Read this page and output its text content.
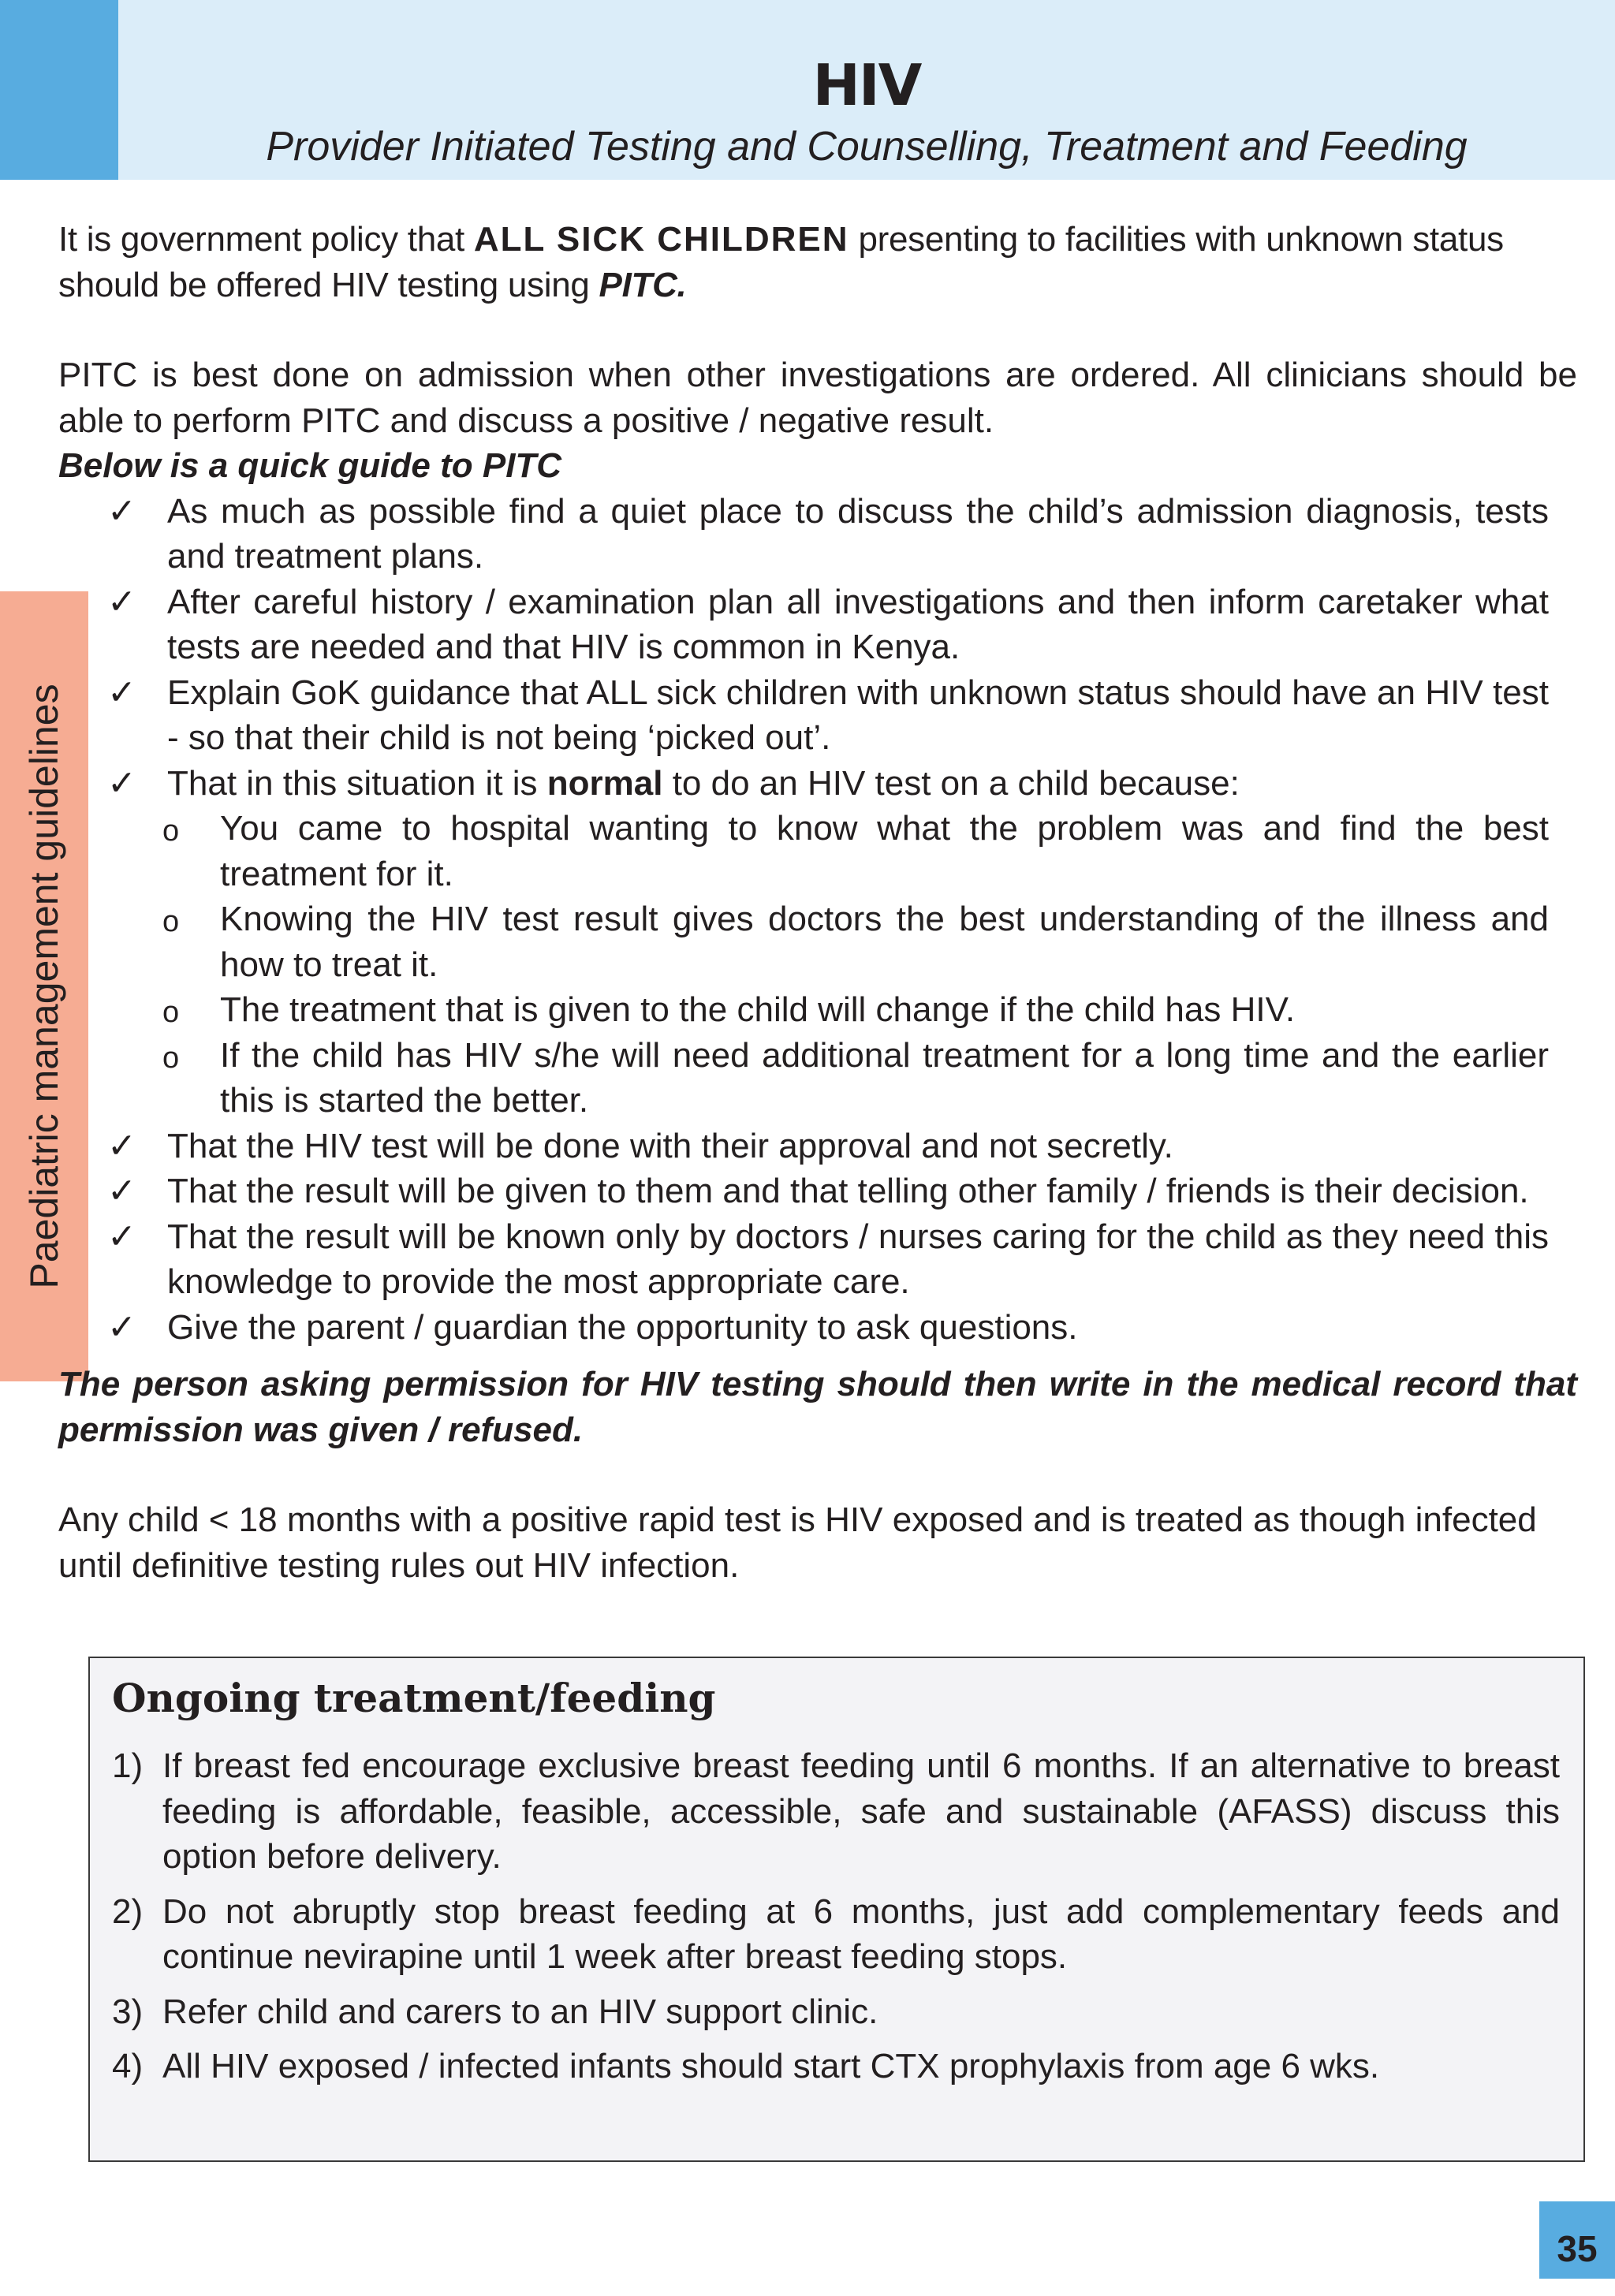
HIV
Provider Initiated Testing and Counselling, Treatment and Feeding
Paediatric management guidelines

It is government policy that ALL SICK CHILDREN presenting to facilities with unknown status should be offered HIV testing using PITC.

PITC is best done on admission when other investigations are ordered. All clinicians should be able to perform PITC and discuss a positive / negative result.

Below is a quick guide to PITC

✓ As much as possible find a quiet place to discuss the child’s admission diagnosis, tests and treatment plans.
✓ After careful history / examination plan all investigations and then inform caretaker what tests are needed and that HIV is common in Kenya.
✓ Explain GoK guidance that ALL sick children with unknown status should have an HIV test - so that their child is not being ‘picked out’.
✓ That in this situation it is normal to do an HIV test on a child because:
o You came to hospital wanting to know what the problem was and find the best treatment for it.
o Knowing the HIV test result gives doctors the best understanding of the illness and how to treat it.
o The treatment that is given to the child will change if the child has HIV.
o If the child has HIV s/he will need additional treatment for a long time and the earlier this is started the better.
✓ That the HIV test will be done with their approval and not secretly.
✓ That the result will be given to them and that telling other family / friends is their decision.
✓ That the result will be known only by doctors / nurses caring for the child as they need this knowledge to provide the most appropriate care.
✓ Give the parent / guardian the opportunity to ask questions.

The person asking permission for HIV testing should then write in the medical record that permission was given / refused.

Any child < 18 months with a positive rapid test is HIV exposed and is treated as though infected until definitive testing rules out HIV infection.

Ongoing treatment/feeding
1) If breast fed encourage exclusive breast feeding until 6 months. If an alternative to breast feeding is affordable, feasible, accessible, safe and sustainable (AFASS) discuss this option before delivery.
2) Do not abruptly stop breast feeding at 6 months, just add complementary feeds and continue nevirapine until 1 week after breast feeding stops.
3) Refer child and carers to an HIV support clinic.
4) All HIV exposed / infected infants should start CTX prophylaxis from age 6 wks.
35
